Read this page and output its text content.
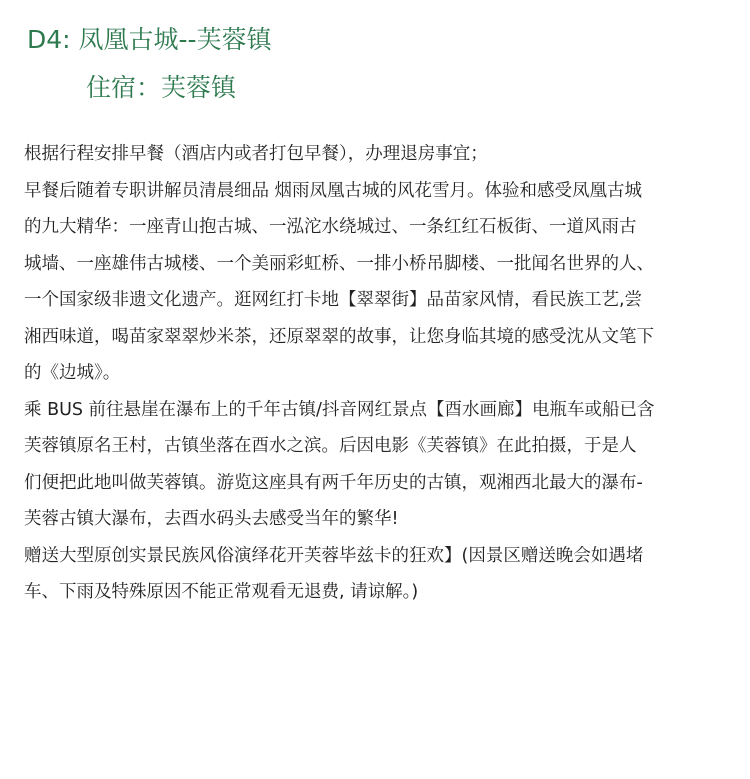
D4: 凤凰古城--芙蓉镇
住宿：芙蓉镇

根据行程安排早餐（酒店内或者打包早餐），办理退房事宜；

早餐后随着专职讲解员清晨细品 烟雨凤凰古城的风花雪月。体验和感受凤凰古城
的九大精华：一座青山抱古城、一泓沱水绕城过、一条红红石板街、一道风雨古
城墙、一座雄伟古城楼、一个美丽彩虹桥、一排小桥吊脚楼、一批闻名世界的人、
一个国家级非遗文化遗产。逛网红打卡地【翠翠街】品苗家风情，看民族工艺,尝
湘西味道，喝苗家翠翠炒米茶，还原翠翠的故事，让您身临其境的感受沈从文笔下
的《边城》。

乘 BUS 前往悬崖在瀑布上的千年古镇/抖音网红景点【酉水画廊】电瓶车或船已含
芙蓉镇原名王村，古镇坐落在酉水之滨。后因电影《芙蓉镇》在此拍摄，于是人
们便把此地叫做芙蓉镇。游览这座具有两千年历史的古镇，观湘西北最大的瀑布-
芙蓉古镇大瀑布，去酉水码头去感受当年的繁华!

赠送大型原创实景民族风俗演绎花开芙蓉毕兹卡的狂欢】(因景区赠送晚会如遇堵
车、下雨及特殊原因不能正常观看无退费, 请谅解。)
